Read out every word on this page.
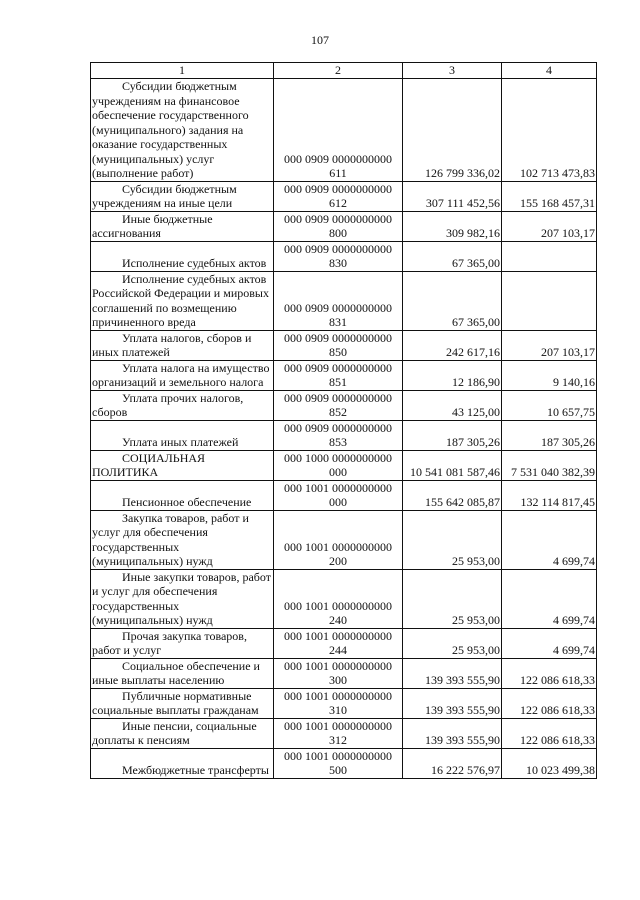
107
1	2	3	4
Субсидии бюджетным учреждениям на финансовое обеспечение государственного (муниципального) задания на оказание государственных (муниципальных) услуг (выполнение работ)	000 0909 0000000000 611	126 799 336,02	102 713 473,83
Субсидии бюджетным учреждениям на иные цели	000 0909 0000000000 612	307 111 452,56	155 168 457,31
Иные бюджетные ассигнования	000 0909 0000000000 800	309 982,16	207 103,17
Исполнение судебных актов	000 0909 0000000000 830	67 365,00	
Исполнение судебных актов Российской Федерации и мировых соглашений по возмещению причиненного вреда	000 0909 0000000000 831	67 365,00	
Уплата налогов, сборов и иных платежей	000 0909 0000000000 850	242 617,16	207 103,17
Уплата налога на имущество организаций и земельного налога	000 0909 0000000000 851	12 186,90	9 140,16
Уплата прочих налогов, сборов	000 0909 0000000000 852	43 125,00	10 657,75
Уплата иных платежей	000 0909 0000000000 853	187 305,26	187 305,26
СОЦИАЛЬНАЯ ПОЛИТИКА	000 1000 0000000000 000	10 541 081 587,46	7 531 040 382,39
Пенсионное обеспечение	000 1001 0000000000 000	155 642 085,87	132 114 817,45
Закупка товаров, работ и услуг для обеспечения государственных (муниципальных) нужд	000 1001 0000000000 200	25 953,00	4 699,74
Иные закупки товаров, работ и услуг для обеспечения государственных (муниципальных) нужд	000 1001 0000000000 240	25 953,00	4 699,74
Прочая закупка товаров, работ и услуг	000 1001 0000000000 244	25 953,00	4 699,74
Социальное обеспечение и иные выплаты населению	000 1001 0000000000 300	139 393 555,90	122 086 618,33
Публичные нормативные социальные выплаты гражданам	000 1001 0000000000 310	139 393 555,90	122 086 618,33
Иные пенсии, социальные доплаты к пенсиям	000 1001 0000000000 312	139 393 555,90	122 086 618,33
Межбюджетные трансферты	000 1001 0000000000 500	16 222 576,97	10 023 499,38
